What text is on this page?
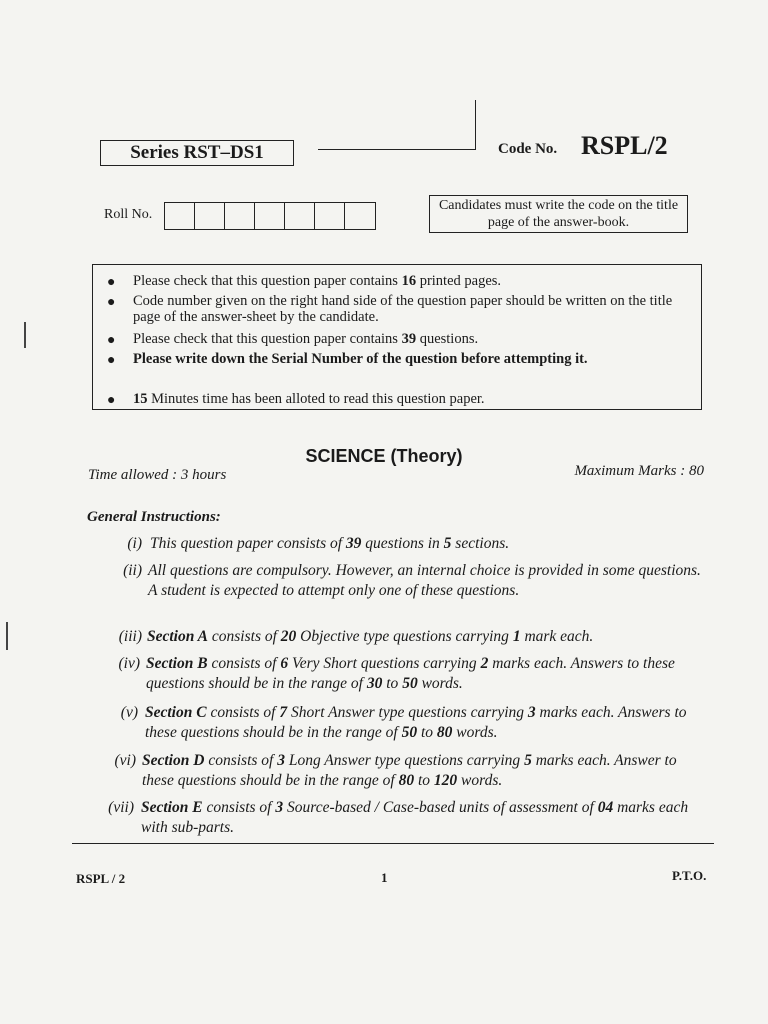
Series RST–DS1	Code No. RSPL/2
Roll No.
Candidates must write the code on the title page of the answer-book.
● Please check that this question paper contains 16 printed pages.
● Code number given on the right hand side of the question paper should be written on the title page of the answer-sheet by the candidate.
● Please check that this question paper contains 39 questions.
● Please write down the Serial Number of the question before attempting it.
● 15 Minutes time has been alloted to read this question paper.
SCIENCE (Theory)
Time allowed : 3 hours	Maximum Marks : 80
General Instructions:
(i) This question paper consists of 39 questions in 5 sections.
(ii) All questions are compulsory. However, an internal choice is provided in some questions. A student is expected to attempt only one of these questions.
(iii) Section A consists of 20 Objective type questions carrying 1 mark each.
(iv) Section B consists of 6 Very Short questions carrying 2 marks each. Answers to these questions should be in the range of 30 to 50 words.
(v) Section C consists of 7 Short Answer type questions carrying 3 marks each. Answers to these questions should be in the range of 50 to 80 words.
(vi) Section D consists of 3 Long Answer type questions carrying 5 marks each. Answer to these questions should be in the range of 80 to 120 words.
(vii) Section E consists of 3 Source-based / Case-based units of assessment of 04 marks each with sub-parts.
RSPL / 2	1	P.T.O.
